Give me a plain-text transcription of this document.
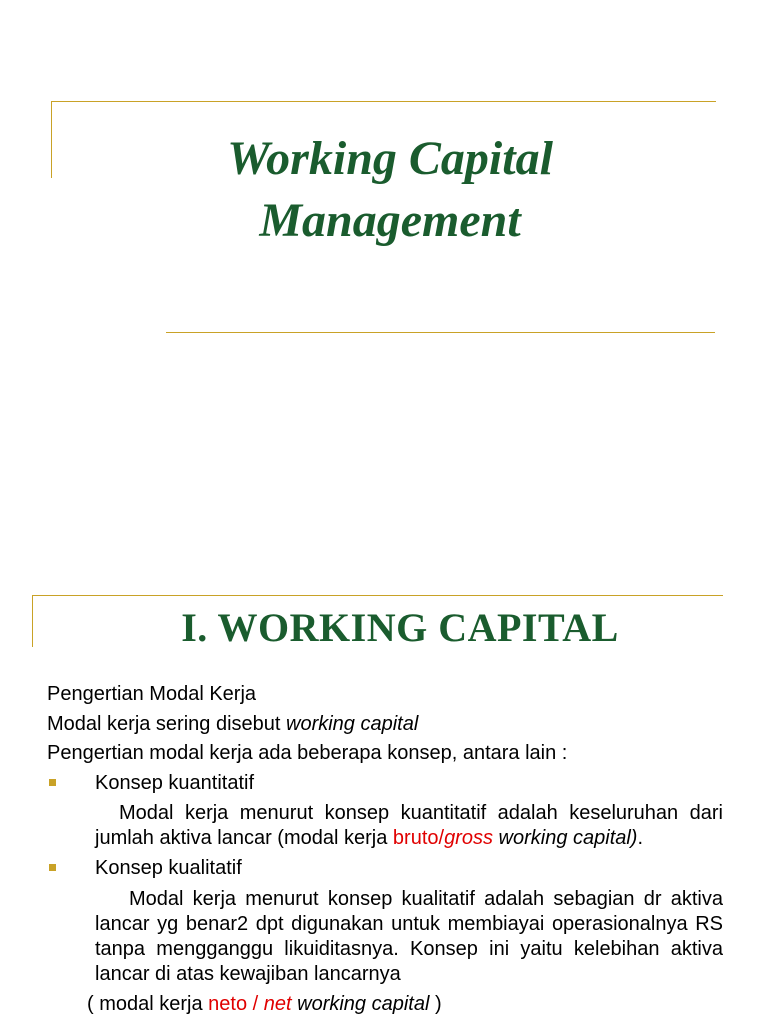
Working Capital
Management
I. WORKING CAPITAL

Pengertian Modal Kerja

Modal kerja sering disebut working capital

Pengertian modal kerja ada beberapa konsep, antara lain :

Konsep kuantitatif

Modal kerja menurut konsep kuantitatif adalah keseluruhan dari jumlah aktiva lancar (modal kerja bruto/gross working capital).

Konsep kualitatif

Modal kerja menurut konsep kualitatif adalah sebagian dr aktiva lancar yg benar2 dpt digunakan untuk membiayai operasionalnya RS tanpa mengganggu likuiditasnya. Konsep ini yaitu kelebihan aktiva lancar di atas kewajiban lancarnya

( modal kerja neto / net working capital )
